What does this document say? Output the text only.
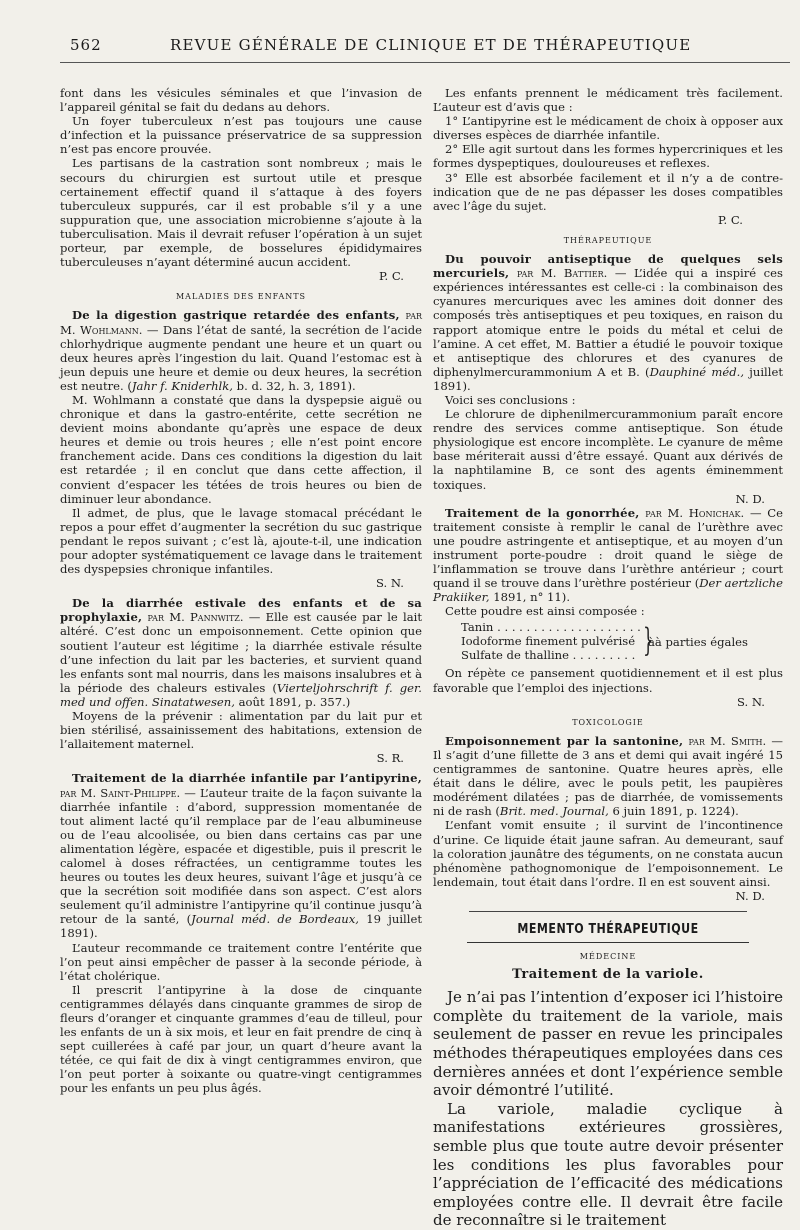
562	REVUE GÉNÉRALE DE CLINIQUE ET DE THÉRAPEUTIQUE

font dans les vésicules séminales et que l’invasion de l’appareil génital se fait du dedans au dehors.

Un foyer tuberculeux n’est pas toujours une cause d’infection et la puissance préservatrice de sa suppression n’est pas encore prouvée.

Les partisans de la castration sont nombreux ; mais le secours du chirurgien est surtout utile et presque certainement effectif quand il s’attaque à des foyers tuberculeux suppurés, car il est probable s’il y a une suppuration que, une association microbienne s’ajoute à la tuberculisation. Mais il devrait refuser l’opération à un sujet porteur, par exemple, de bosselures épididymaires tuberculeuses n’ayant déterminé aucun accident.

P. C.

MALADIES DES ENFANTS

De la digestion gastrique retardée des enfants, par M. Wohlmann. — Dans l’état de santé, la secrétion de l’acide chlorhydrique augmente pendant une heure et un quart ou deux heures après l’ingestion du lait. Quand l’estomac est à jeun depuis une heure et demie ou deux heures, la secrétion est neutre. (Jahr f. Kniderhlk, b. d. 32, h. 3, 1891).

M. Wohlmann a constaté que dans la dyspepsie aiguë ou chronique et dans la gastro-entérite, cette secrétion ne devient moins abondante qu’après une espace de deux heures et demie ou trois heures ; elle n’est point encore franchement acide. Dans ces conditions la digestion du lait est retardée ; il en conclut que dans cette affection, il convient d’espacer les tétées de trois heures ou bien de diminuer leur abondance.

Il admet, de plus, que le lavage stomacal précédant le repos a pour effet d’augmenter la secrétion du suc gastrique pendant le repos suivant ; c’est là, ajoute-t-il, une indication pour adopter systématiquement ce lavage dans le traitement des dyspepsies chronique infantiles.

S. N.

De la diarrhée estivale des enfants et de sa prophylaxie, par M. Pannwitz. — Elle est causée par le lait altéré. C’est donc un empoisonnement. Cette opinion que soutient l’auteur est légitime ; la diarrhée estivale résulte d’une infection du lait par les bacteries, et survient quand les enfants sont mal nourris, dans les maisons insalubres et à la période des chaleurs estivales (Vierteljohrschrift f. ger. med und offen. Sinatatwesen, août 1891, p. 357.)

Moyens de la prévenir : alimentation par du lait pur et bien stérilisé, assainissement des habitations, extension de l’allaitement maternel.

S. R.

Traitement de la diarrhée infantile par l’antipyrine, par M. Saint-Philippe. — L’auteur traite de la façon suivante la diarrhée infantile : d’abord, suppression momentanée de tout aliment lacté qu’il remplace par de l’eau albumineuse ou de l’eau alcoolisée, ou bien dans certains cas par une alimentation légère, espacée et digestible, puis il prescrit le calomel à doses réfractées, un centigramme toutes les heures ou toutes les deux heures, suivant l’âge et jusqu’à ce que la secrétion soit modifiée dans son aspect. C’est alors seulement qu’il administre l’antipyrine qu’il continue jusqu’à retour de la santé, (Journal méd. de Bordeaux, 19 juillet 1891).

L’auteur recommande ce traitement contre l’entérite que l’on peut ainsi empêcher de passer à la seconde période, à l’état cholérique.

Il prescrit l’antipyrine à la dose de cinquante centigrammes délayés dans cinquante grammes de sirop de fleurs d’oranger et cinquante grammes d’eau de tilleul, pour les enfants de un à six mois, et leur en fait prendre de cinq à sept cuillerées à café par jour, un quart d’heure avant la tétée, ce qui fait de dix à vingt centigrammes environ, que l’on peut porter à soixante ou quatre-vingt centigrammes pour les enfants un peu plus âgés.

Les enfants prennent le médicament très facilement. L’auteur est d’avis que :

1° L’antipyrine est le médicament de choix à opposer aux diverses espèces de diarrhée infantile.

2° Elle agit surtout dans les formes hypercriniques et les formes dyspeptiques, douloureuses et reflexes.

3° Elle est absorbée facilement et il n’y a de contre-indication que de ne pas dépasser les doses compatibles avec l’âge du sujet.

P. C.

THÉRAPEUTIQUE

Du pouvoir antiseptique de quelques sels mercuriels, par M. Battier. — L’idée qui a inspiré ces expériences intéressantes est celle-ci : la combinaison des cyanures mercuriques avec les amines doit donner des composés très antiseptiques et peu toxiques, en raison du rapport atomique entre le poids du métal et celui de l’amine. A cet effet, M. Battier a étudié le pouvoir toxique et antiseptique des chlorures et des cyanures de diphenylmercurammonium A et B. (Dauphiné méd., juillet 1891).

Voici ses conclusions :

Le chlorure de diphenilmercurammonium paraît encore rendre des services comme antiseptique. Son étude physiologique est encore incomplète. Le cyanure de même base mériterait aussi d’être essayé. Quant aux dérivés de la naphtilamine B, ce sont des agents éminemment toxiques.

N. D.

Traitement de la gonorrhée, par M. Honichak. — Ce traitement consiste à remplir le canal de l’urèthre avec une poudre astringente et antiseptique, et au moyen d’un instrument porte-poudre : droit quand le siège de l’inflammation se trouve dans l’urèthre antérieur ; court quand il se trouve dans l’urèthre postérieur (Der aertzliche Prakiiker, 1891, n° 11).

Cette poudre est ainsi composée :

Tanin . . . . . . . . . . . . . . . . . . . .
Iodoforme finement pulvérisé
Sulfate de thalline . . . . . . . . . }
àà parties égales

On répète ce pansement quotidiennement et il est plus favorable que l’emploi des injections.

S. N.

TOXICOLOGIE

Empoisonnement par la santonine, par M. Smith. — Il s’agit d’une fillette de 3 ans et demi qui avait ingéré 15 centigrammes de santonine. Quatre heures après, elle était dans le délire, avec le pouls petit, les paupières modérément dilatées ; pas de diarrhée, de vomissements ni de rash (Brit. med. Journal, 6 juin 1891, p. 1224).

L’enfant vomit ensuite ; il survint de l’incontinence d’urine. Ce liquide était jaune safran. Au demeurant, sauf la coloration jaunâtre des téguments, on ne constata aucun phénomène pathognomonique de l’empoisonnement. Le lendemain, tout était dans l’ordre. Il en est souvent ainsi.

N. D.

MEMENTO THÉRAPEUTIQUE
MÉDECINE
Traitement de la variole.

Je n’ai pas l’intention d’exposer ici l’histoire complète du traitement de la variole, mais seulement de passer en revue les principales méthodes thérapeutiques employées dans ces dernières années et dont l’expérience semble avoir démontré l’utilité.

La variole, maladie cyclique à manifestations extérieures grossières, semble plus que toute autre devoir présenter les conditions les plus favorables pour l’appréciation de l’efficacité des médications employées contre elle. Il devrait être facile de reconnaître si le traitement
